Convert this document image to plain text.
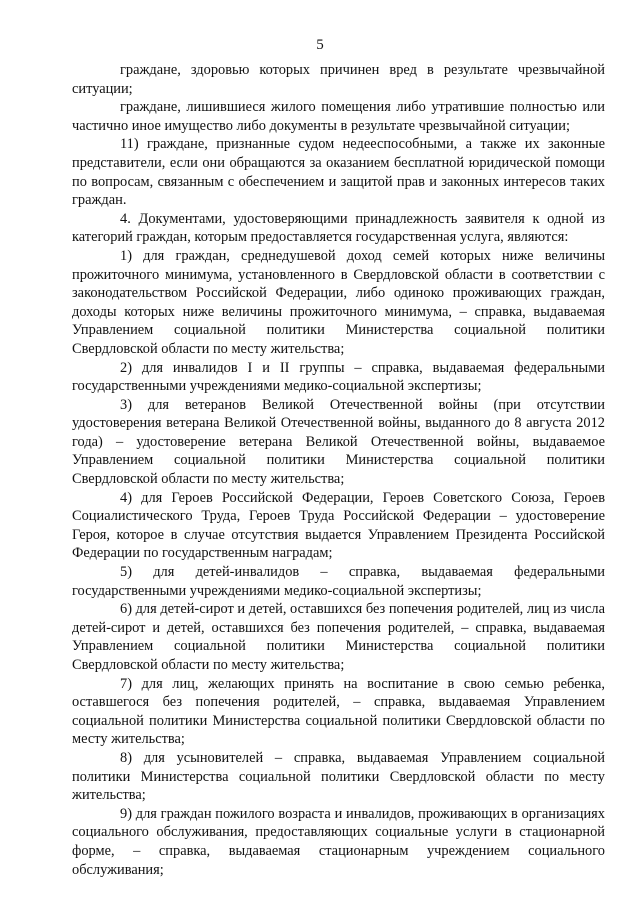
5

граждане, здоровью которых причинен вред в результате чрезвычайной ситуации;

граждане, лишившиеся жилого помещения либо утратившие полностью или частично иное имущество либо документы в результате чрезвычайной ситуации;

11) граждане, признанные судом недееспособными, а также их законные представители, если они обращаются за оказанием бесплатной юридической помощи по вопросам, связанным с обеспечением и защитой прав и законных интересов таких граждан.

4. Документами, удостоверяющими принадлежность заявителя к одной из категорий граждан, которым предоставляется государственная услуга, являются:

1) для граждан, среднедушевой доход семей которых ниже величины прожиточного минимума, установленного в Свердловской области в соответствии с законодательством Российской Федерации, либо одиноко проживающих граждан, доходы которых ниже величины прожиточного минимума, – справка, выдаваемая Управлением социальной политики Министерства социальной политики Свердловской области по месту жительства;

2) для инвалидов I и II группы – справка, выдаваемая федеральными государственными учреждениями медико-социальной экспертизы;

3) для ветеранов Великой Отечественной войны (при отсутствии удостоверения ветерана Великой Отечественной войны, выданного до 8 августа 2012 года) – удостоверение ветерана Великой Отечественной войны, выдаваемое Управлением социальной политики Министерства социальной политики Свердловской области по месту жительства;

4) для Героев Российской Федерации, Героев Советского Союза, Героев Социалистического Труда, Героев Труда Российской Федерации – удостоверение Героя, которое в случае отсутствия выдается Управлением Президента Российской Федерации по государственным наградам;

5) для детей-инвалидов – справка, выдаваемая федеральными государственными учреждениями медико-социальной экспертизы;

6) для детей-сирот и детей, оставшихся без попечения родителей, лиц из числа детей-сирот и детей, оставшихся без попечения родителей, – справка, выдаваемая Управлением социальной политики Министерства социальной политики Свердловской области по месту жительства;

7) для лиц, желающих принять на воспитание в свою семью ребенка, оставшегося без попечения родителей, – справка, выдаваемая Управлением социальной политики Министерства социальной политики Свердловской области по месту жительства;

8) для усыновителей – справка, выдаваемая Управлением социальной политики Министерства социальной политики Свердловской области по месту жительства;

9) для граждан пожилого возраста и инвалидов, проживающих в организациях социального обслуживания, предоставляющих социальные услуги в стационарной форме, – справка, выдаваемая стационарным учреждением социального обслуживания;
